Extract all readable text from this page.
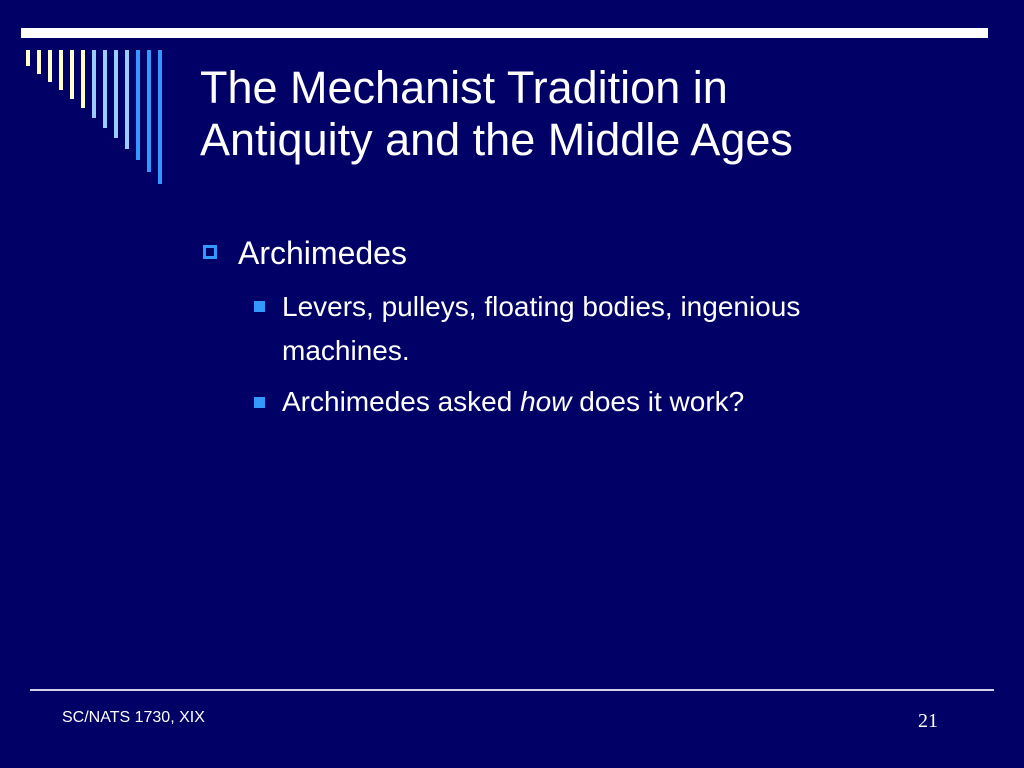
The Mechanist Tradition in
Antiquity and the Middle Ages
Archimedes
Levers, pulleys, floating bodies, ingenious
machines.
Archimedes asked how does it work?
SC/NATS 1730, XIX	21
